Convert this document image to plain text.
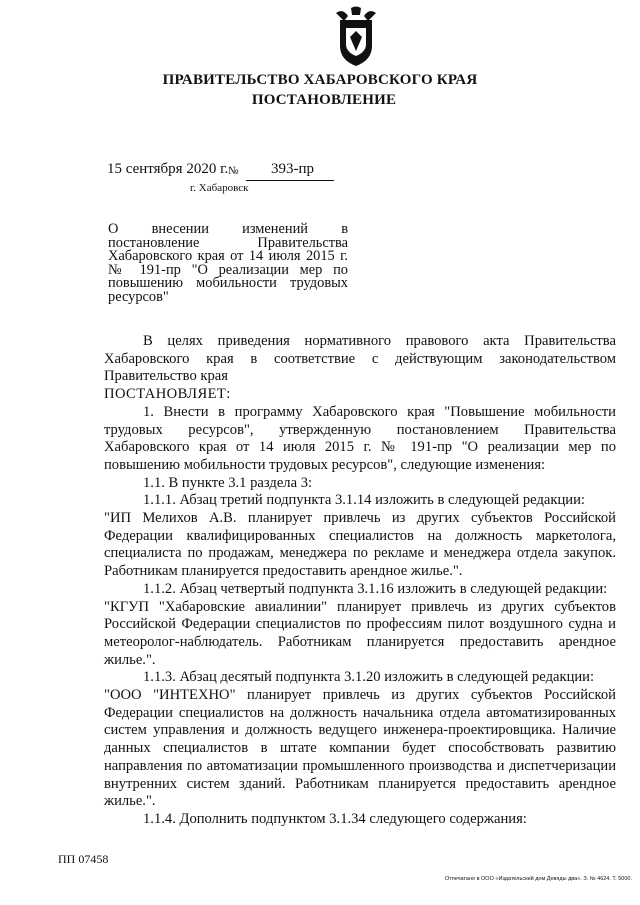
ПРАВИТЕЛЬСТВО ХАБАРОВСКОГО КРАЯ
ПОСТАНОВЛЕНИЕ
15 сентября 2020 г. № 393-пр
г. Хабаровск
О внесении изменений в постановление Правительства Хабаровского края от 14 июля 2015 г. № 191-пр "О реализации мер по повышению мобильности трудовых ресурсов"

В целях приведения нормативного правового акта Правительства Хабаровского края в соответствие с действующим законодательством Правительство края

ПОСТАНОВЛЯЕТ:

1. Внести в программу Хабаровского края "Повышение мобильности трудовых ресурсов", утвержденную постановлением Правительства Хабаровского края от 14 июля 2015 г. № 191-пр "О реализации мер по повышению мобильности трудовых ресурсов", следующие изменения:

1.1. В пункте 3.1 раздела 3:

1.1.1. Абзац третий подпункта 3.1.14 изложить в следующей редакции:

"ИП Мелихов А.В. планирует привлечь из других субъектов Российской Федерации квалифицированных специалистов на должность маркетолога, специалиста по продажам, менеджера по рекламе и менеджера отдела закупок. Работникам планируется предоставить арендное жилье.".

1.1.2. Абзац четвертый подпункта 3.1.16 изложить в следующей редакции:

"КГУП "Хабаровские авиалинии" планирует привлечь из других субъектов Российской Федерации специалистов по профессиям пилот воздушного судна и метеоролог-наблюдатель. Работникам планируется предоставить арендное жилье.".

1.1.3. Абзац десятый подпункта 3.1.20 изложить в следующей редакции:

"ООО "ИНТЕХНО" планирует привлечь из других субъектов Российской Федерации специалистов на должность начальника отдела автоматизированных систем управления и должность ведущего инженера-проектировщика. Наличие данных специалистов в штате компании будет способствовать развитию направления по автоматизации промышленного производства и диспетчеризации внутренних систем зданий. Работникам планируется предоставить арендное жилье.".

1.1.4. Дополнить подпунктом 3.1.34 следующего содержания:

ПП 07458
Отпечатано в ООО «Издательский дом Девяды два». З. № 4624. Т. 5000.
